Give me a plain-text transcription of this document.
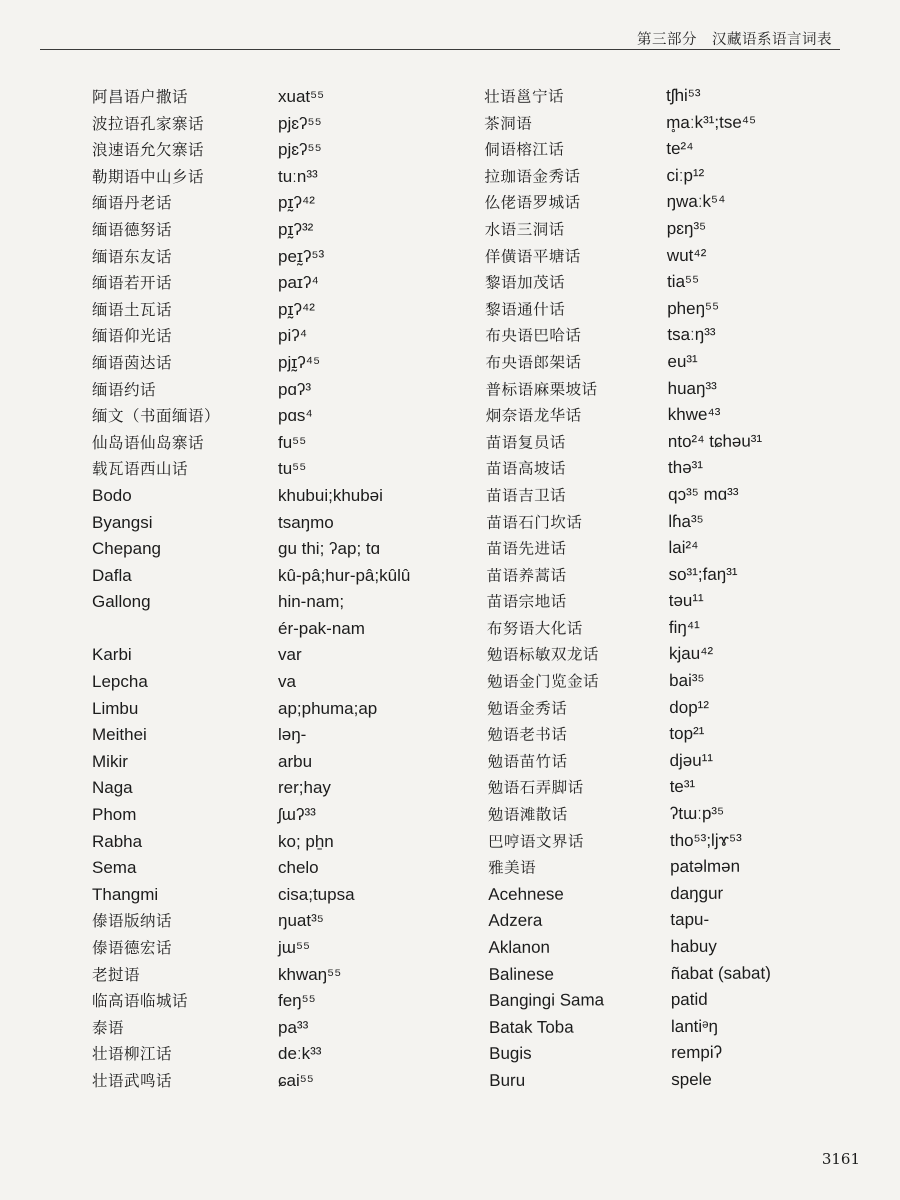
第三部分　汉藏语系语言词表
阿昌语户撒话	xuat⁵⁵
波拉语孔家寨话	pjɛʔ⁵⁵
浪速语允欠寨话	pjɛʔ⁵⁵
勒期语中山乡话	tuːn³³
缅语丹老话	pɪ̰ʔ⁴²
缅语德努话	pɪ̰ʔ³²
缅语东友话	peɪ̰ʔ⁵³
缅语若开话	paɪʔ⁴
缅语土瓦话	pɪ̰ʔ⁴²
缅语仰光话	piʔ⁴
缅语茵达话	pjɪ̰ʔ⁴⁵
缅语约话	pɑʔ³
缅文（书面缅语）	pɑs⁴
仙岛语仙岛寨话	fu⁵⁵
载瓦语西山话	tu⁵⁵
Bodo	khubui;khubəi
Byangsi	tsaŋmo
Chepang	gu thi; ʔap; tɑ
Dafla	kû-pâ;hur-pâ;kûlû
Gallong	hin-nam;
ér-pak-nam
Karbi	var
Lepcha	va
Limbu	ap;phuma;ap
Meithei	ləŋ-
Mikir	arbu
Naga	rer;hay
Phom	ʃɯʔ³³
Rabha	ko; pẖn
Sema	chelo
Thangmi	cisa;tupsa
傣语版纳话	ŋuat³⁵
傣语德宏话	jɯ⁵⁵
老挝语	khwaŋ⁵⁵
临高语临城话	feŋ⁵⁵
泰语	pa³³
壮语柳江话	deːk³³
壮语武鸣话	ɕai⁵⁵
壮语邕宁话	tʃhi⁵³
茶洞语	m̥aːk³¹;tse⁴⁵
侗语榕江话	te²⁴
拉珈语金秀话	ciːp¹²
仫佬语罗城话	ŋwaːk⁵⁴
水语三洞话	pɛŋ³⁵
佯僙语平塘话	wut⁴²
黎语加茂话	tia⁵⁵
黎语通什话	pheŋ⁵⁵
布央语巴哈话	tsaːŋ³³
布央语郎架话	eu³¹
普标语麻栗坡话	huaŋ³³
炯奈语龙华话	khwe⁴³
苗语复员话	nto²⁴ tɕhəu³¹
苗语高坡话	thə³¹
苗语吉卫话	qɔ³⁵ mɑ³³
苗语石门坎话	lɦa³⁵
苗语先进话	lai²⁴
苗语养蒿话	so³¹;faŋ³¹
苗语宗地话	təu¹¹
布努语大化话	fiŋ⁴¹
勉语标敏双龙话	kjau⁴²
勉语金门览金话	bai³⁵
勉语金秀话	dop¹²
勉语老书话	top²¹
勉语苗竹话	djəu¹¹
勉语石弄脚话	te³¹
勉语滩散话	ʔtɯːp³⁵
巴哼语文界话	tho⁵³;ljɤ⁵³
雅美语	patəlmən
Acehnese	daŋgur
Adzera	tapu-
Aklanon	habuy
Balinese	ñabat (sabat)
Bangingi Sama	patid
Batak Toba	lantiᵊŋ
Bugis	rempiʔ
Buru	spele
3161
